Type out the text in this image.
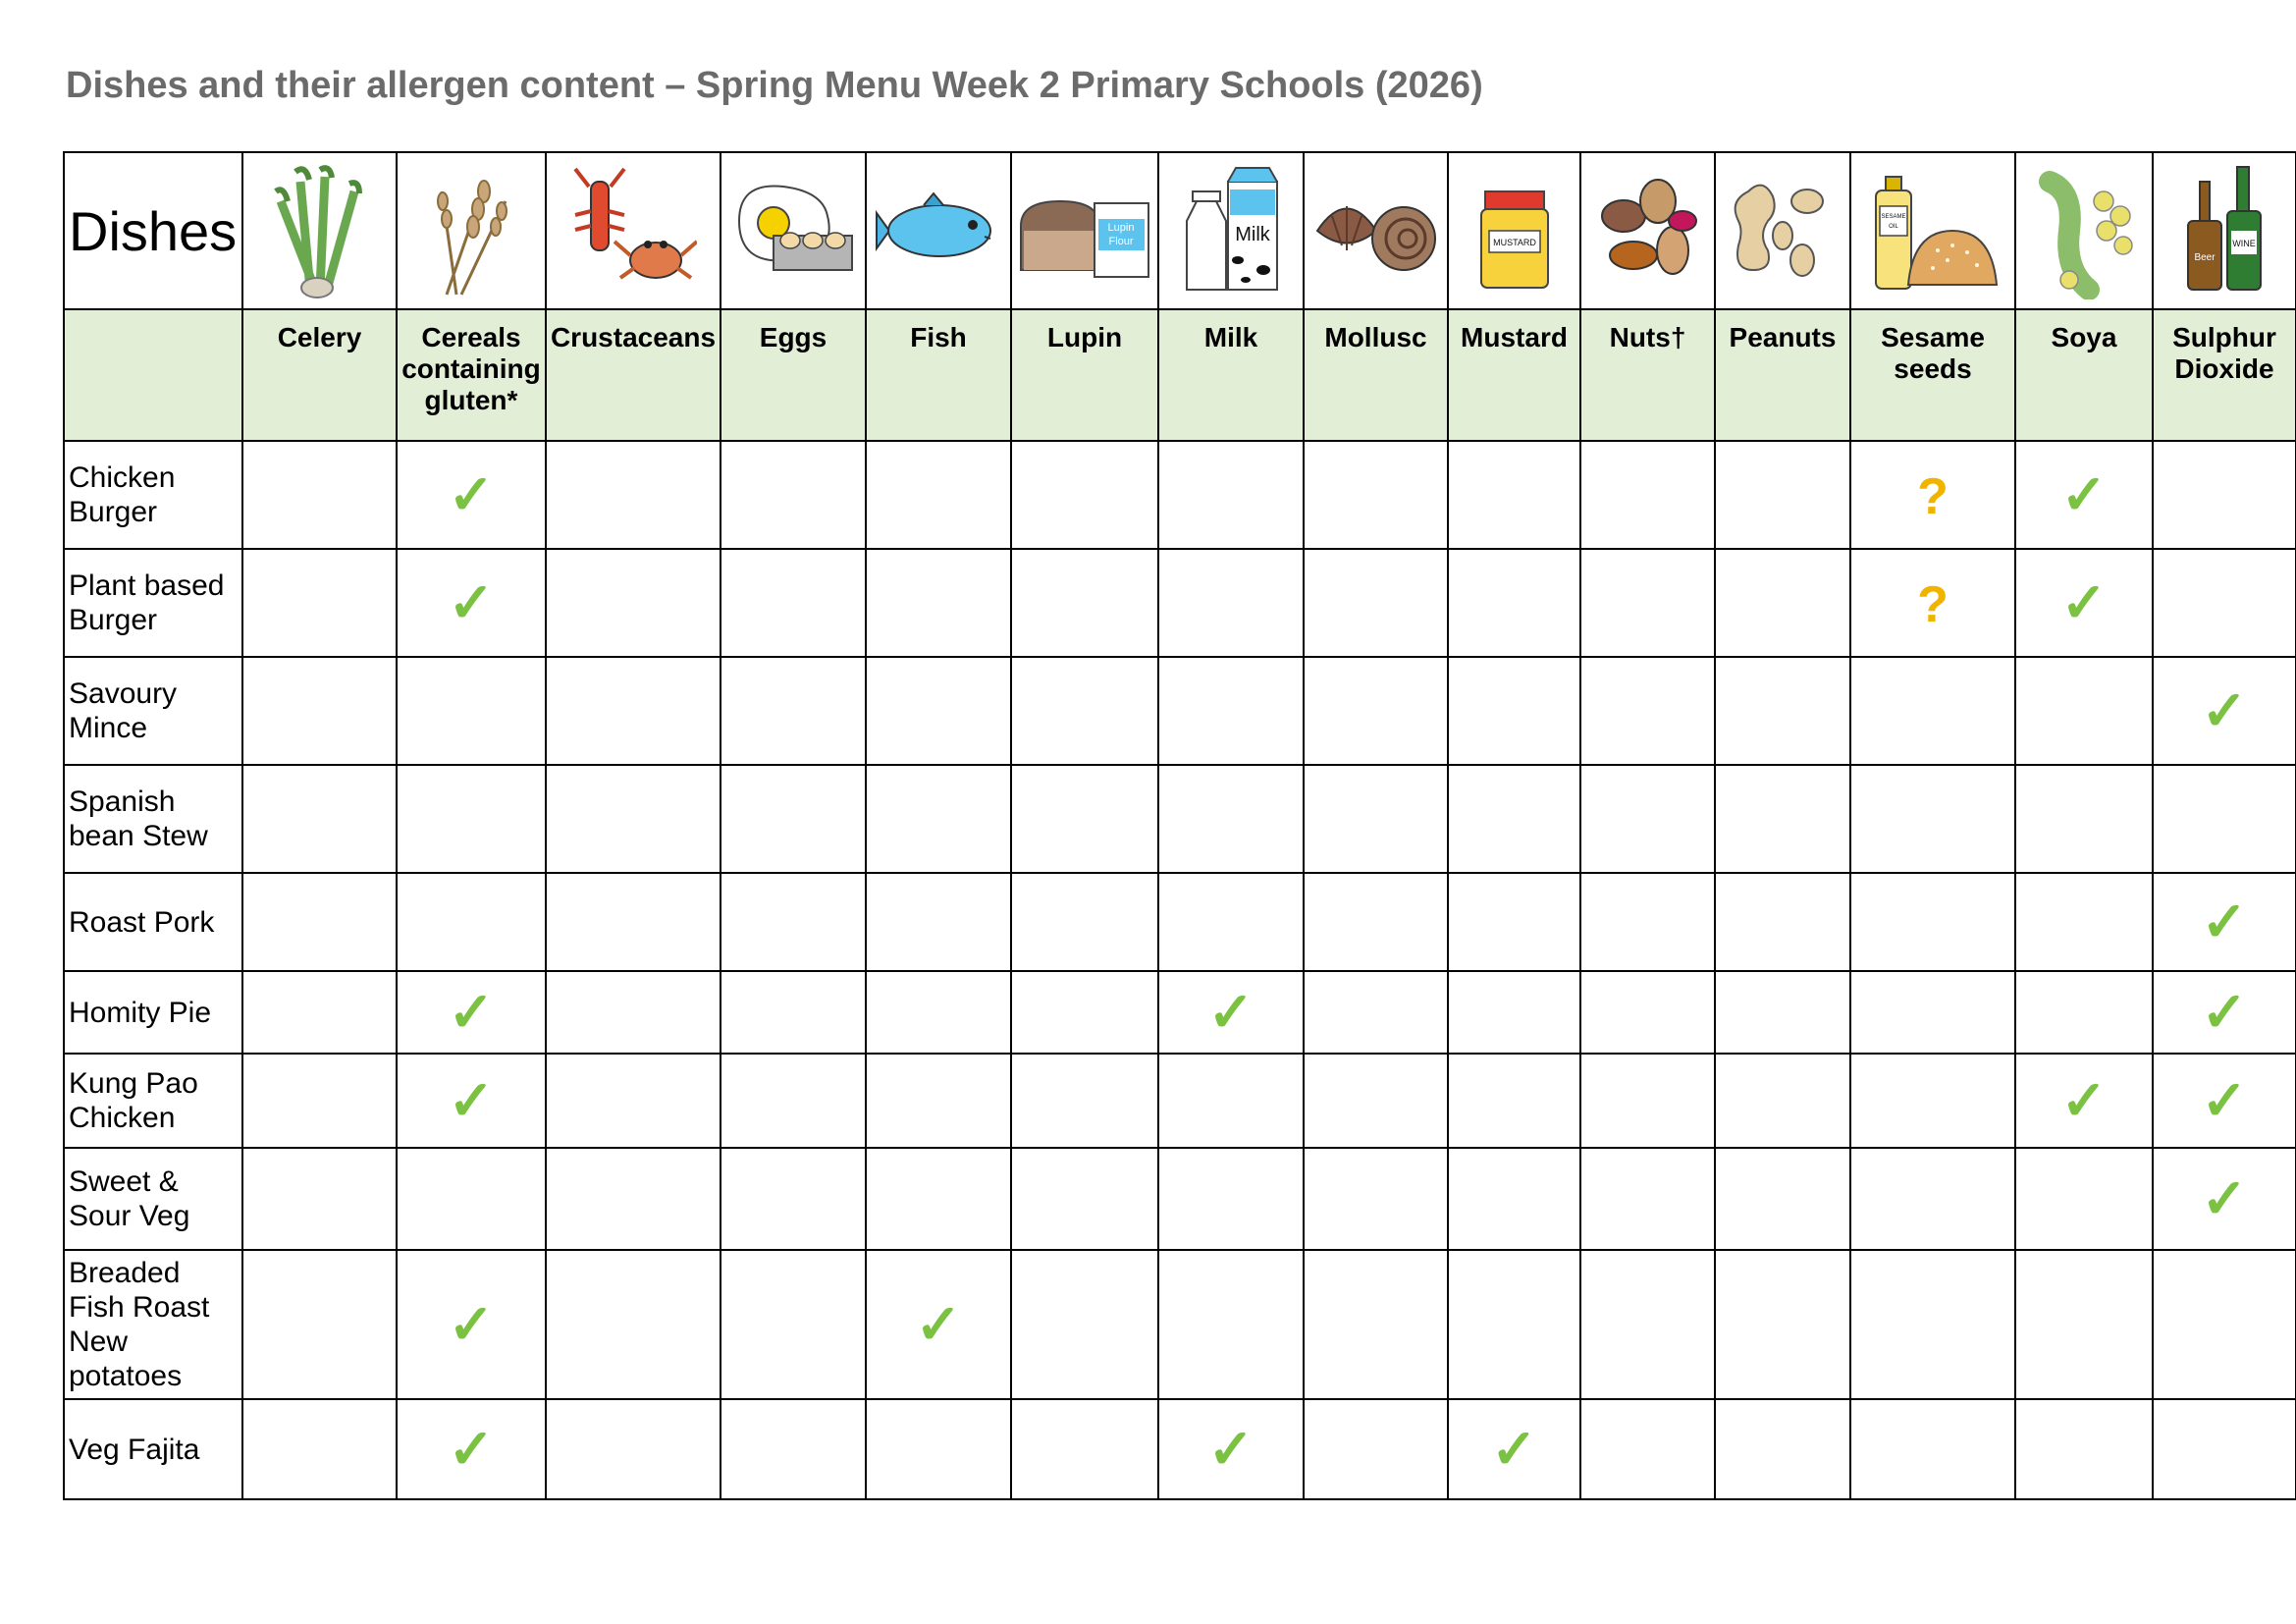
Dishes and their allergen content – Spring Menu Week 2 Primary Schools (2026)
Dishes						Lupin
Flour	Milk		MUSTARD			SESAME
OIL		Beer
WINE

	Celery	Cereals containing gluten*	Crustaceans	Eggs	Fish	Lupin	Milk	Mollusc	Mustard	Nuts†	Peanuts	Sesame seeds	Soya	Sulphur Dioxide
Chicken
Burger		✓										?	✓	
Plant based
Burger		✓										?	✓	
Savoury
Mince														✓
Spanish
bean Stew														
Roast Pork														✓
Homity Pie		✓					✓							✓
Kung Pao
Chicken		✓											✓	✓
Sweet &
Sour Veg														✓
Breaded
Fish Roast
New
potatoes		✓			✓									
Veg Fajita		✓					✓		✓					
